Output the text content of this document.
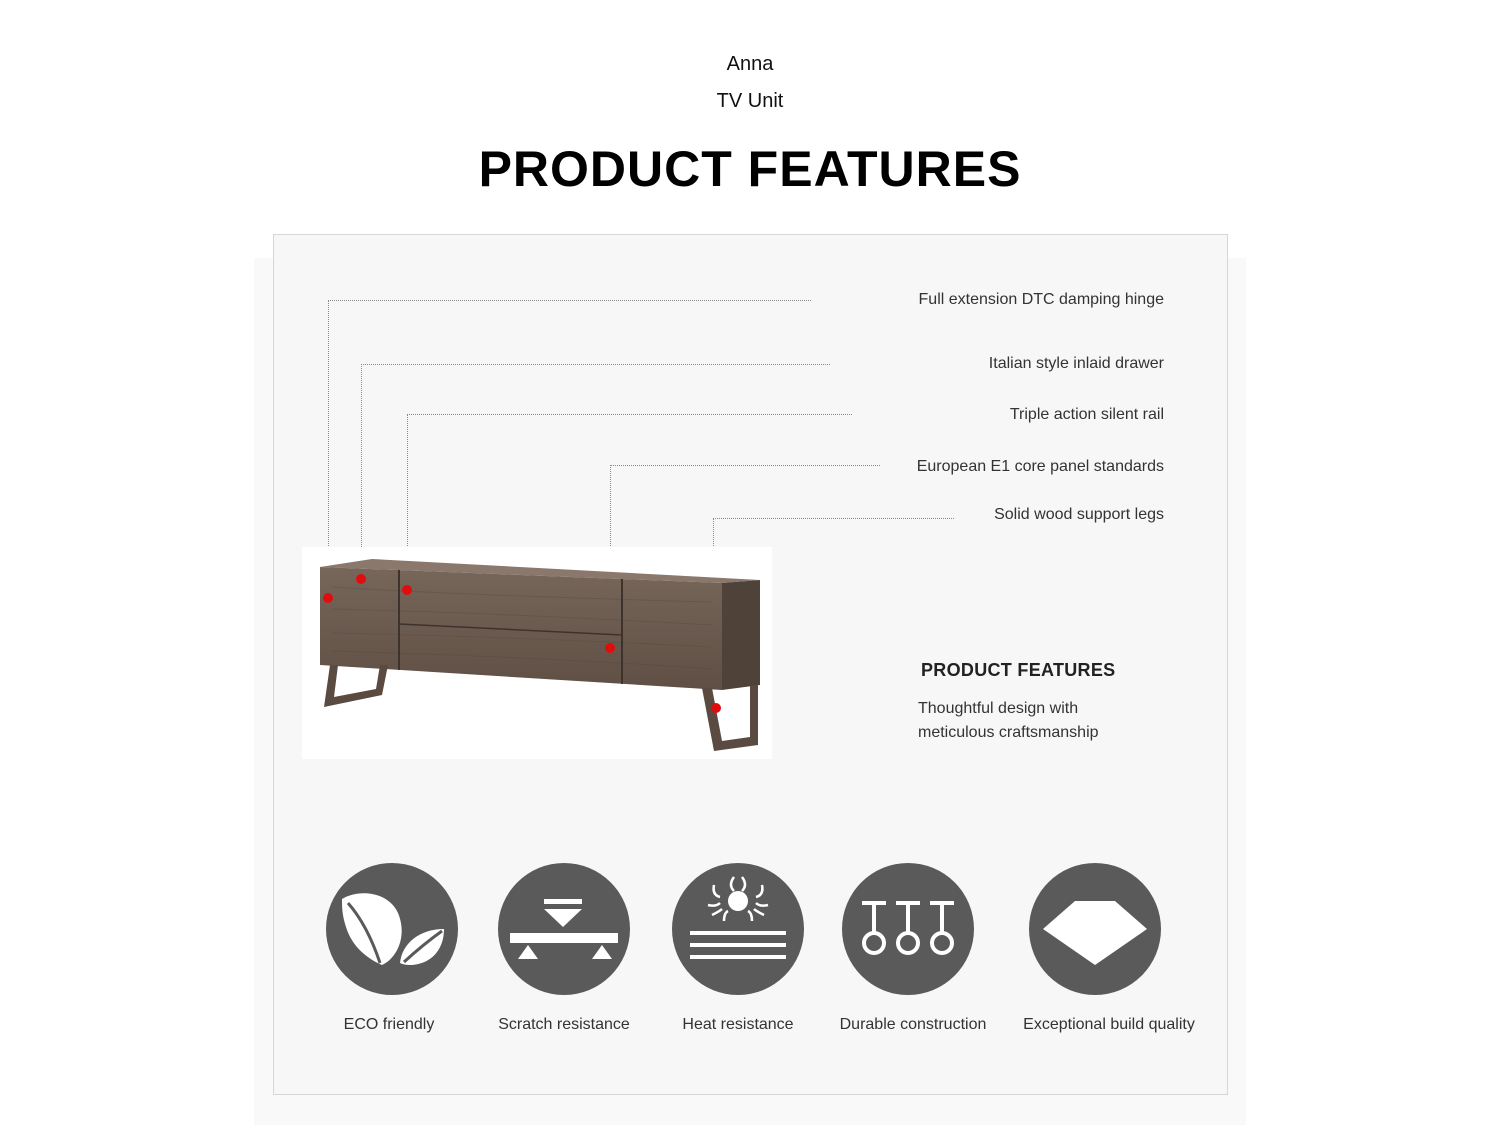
Anna
TV Unit
PRODUCT FEATURES
Full extension DTC damping hinge
Italian style inlaid drawer
Triple action silent rail
European E1 core panel standards
Solid wood support legs
PRODUCT FEATURES
Thoughtful design with
meticulous craftsmanship
ECO friendly	Scratch resistance	Heat resistance	Durable construction Exceptional build quality
